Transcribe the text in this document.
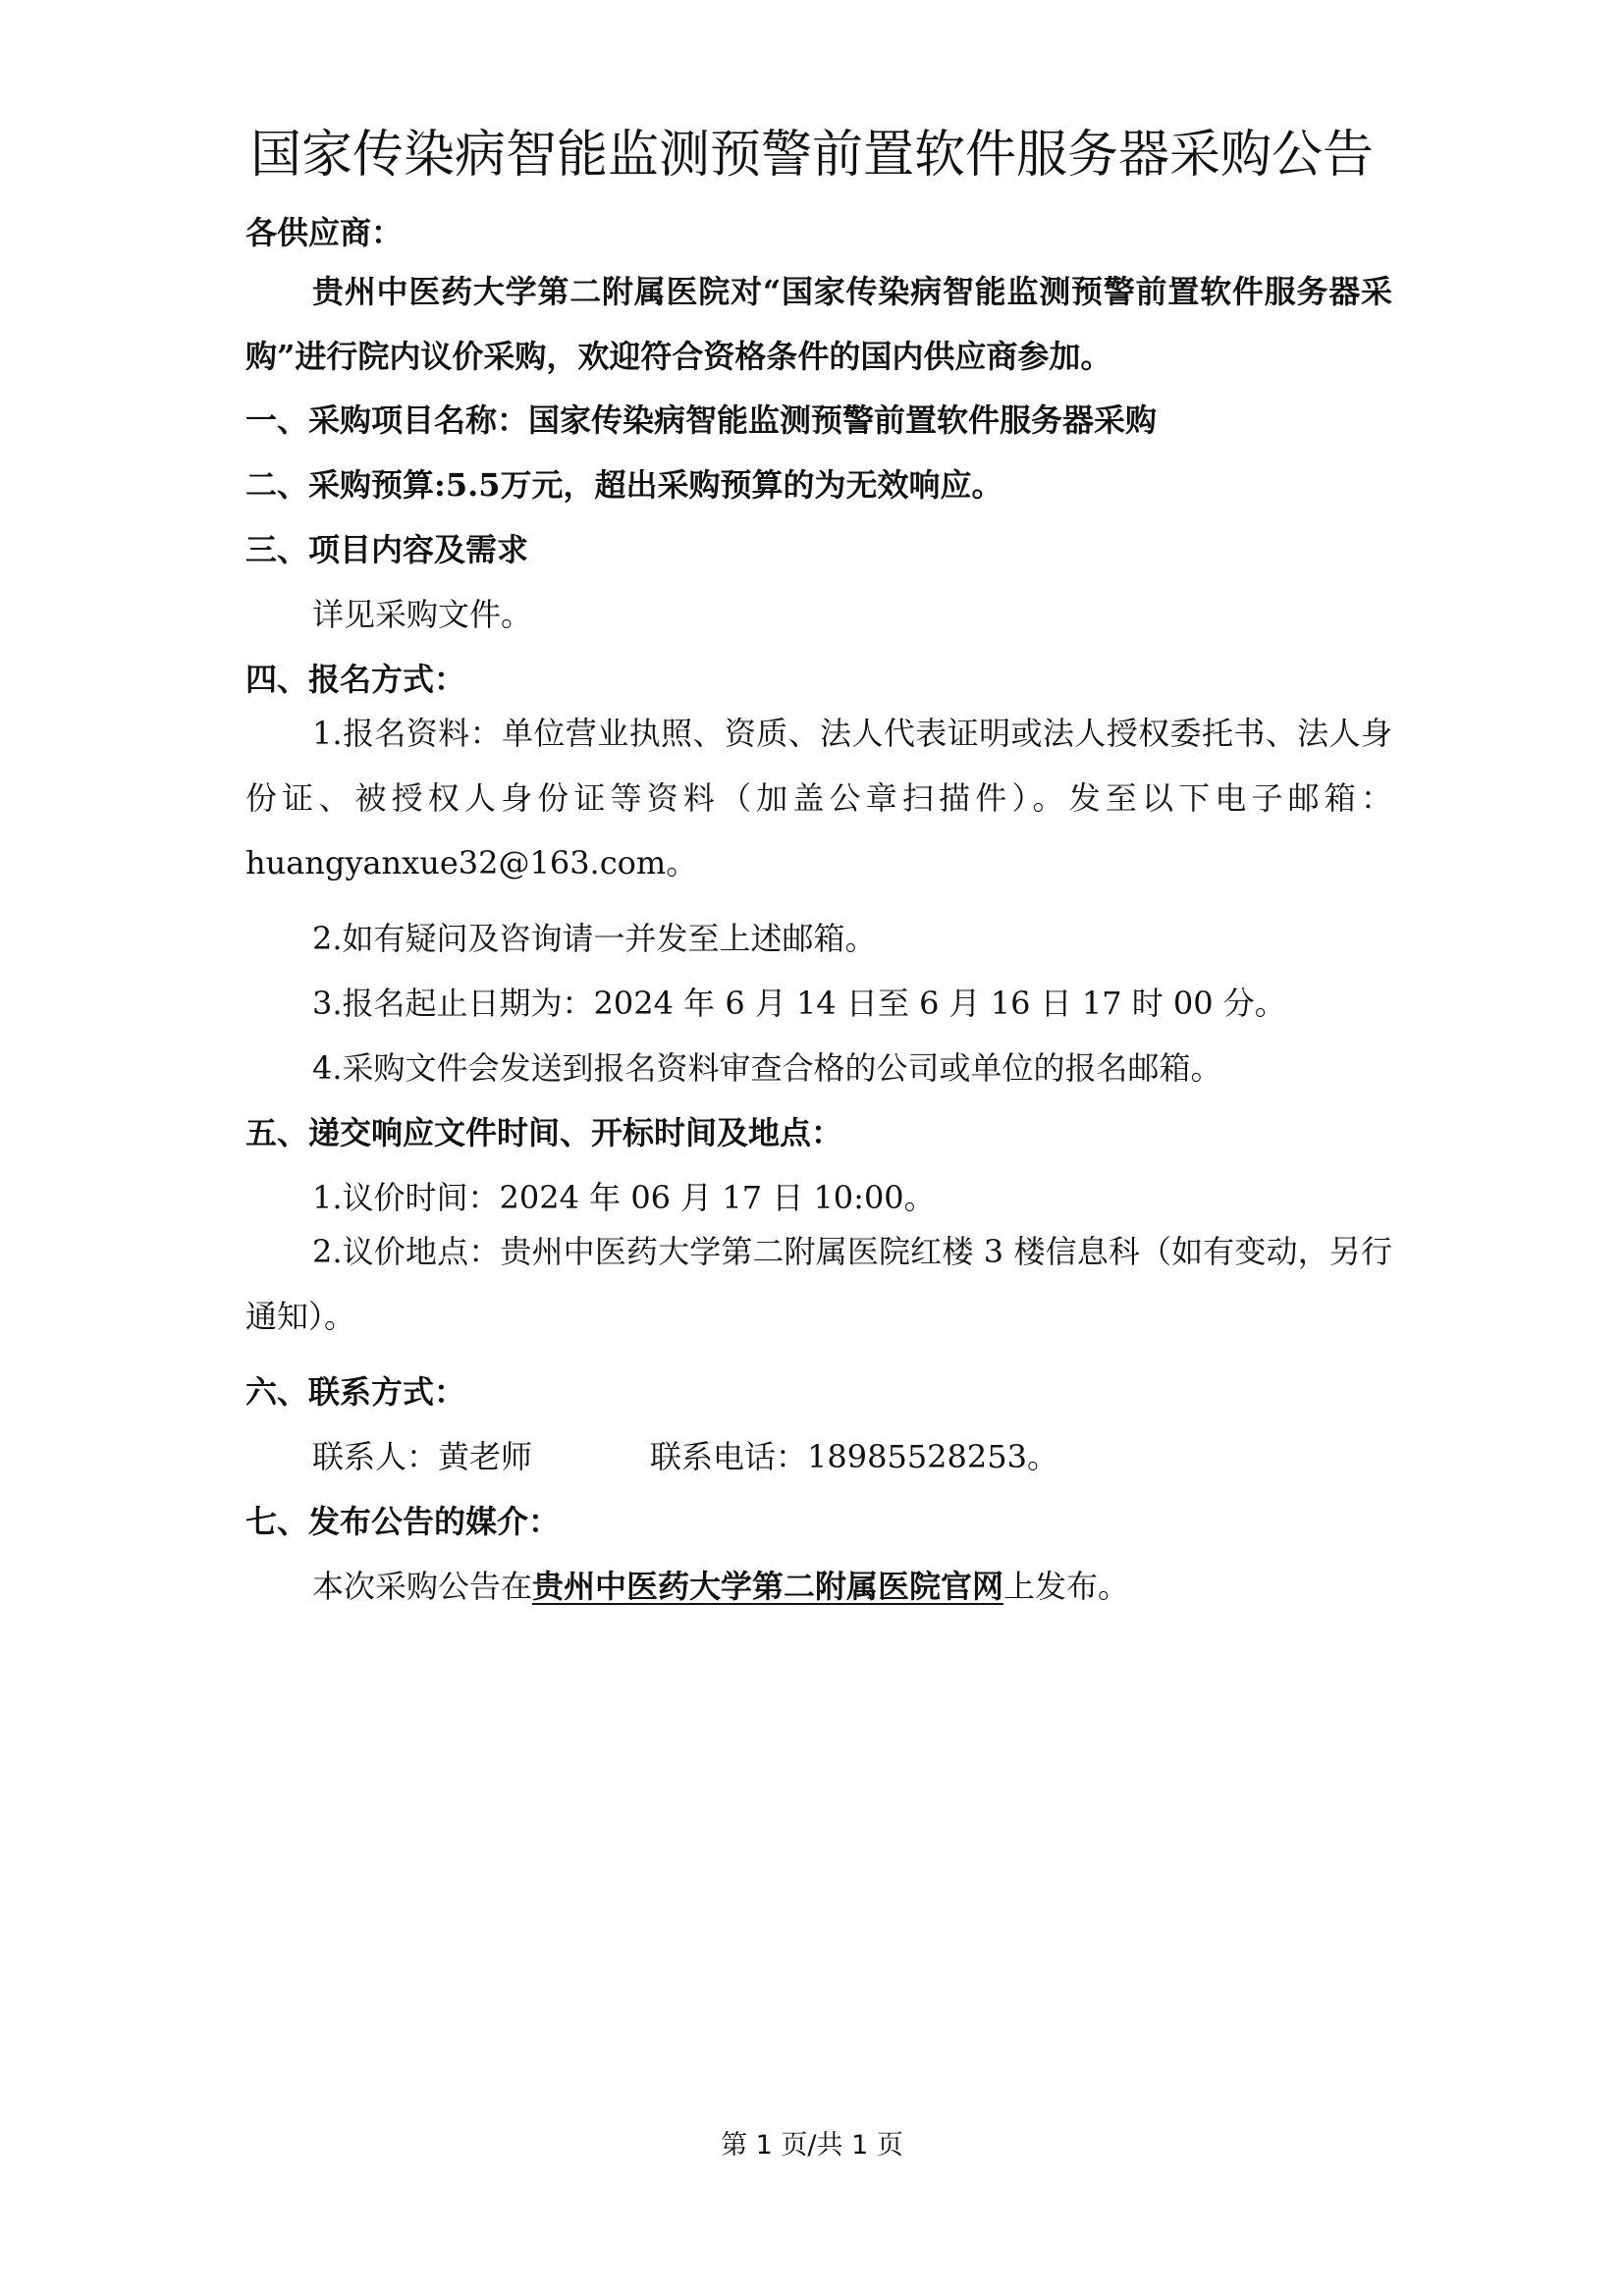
国家传染病智能监测预警前置软件服务器采购公告
各供应商：
贵州中医药大学第二附属医院对“国家传染病智能监测预警前置软件服务器采购”进行院内议价采购，欢迎符合资格条件的国内供应商参加。
一、采购项目名称：国家传染病智能监测预警前置软件服务器采购
二、采购预算:5.5万元，超出采购预算的为无效响应。
三、项目内容及需求
详见采购文件。
四、报名方式：
1.报名资料：单位营业执照、资质、法人代表证明或法人授权委托书、法人身份证、被授权人身份证等资料（加盖公章扫描件）。发至以下电子邮箱：huangyanxue32@163.com。
2.如有疑问及咨询请一并发至上述邮箱。
3.报名起止日期为：2024 年 6 月 14 日至 6 月 16 日 17 时 00 分。
4.采购文件会发送到报名资料审查合格的公司或单位的报名邮箱。
五、递交响应文件时间、开标时间及地点：
1.议价时间：2024 年 06 月 17 日 10:00。
2.议价地点：贵州中医药大学第二附属医院红楼 3 楼信息科（如有变动，另行通知）。
六、联系方式：
联系人：黄老师	联系电话：18985528253。
七、发布公告的媒介：
本次采购公告在贵州中医药大学第二附属医院官网上发布。
第 1 页/共 1 页
